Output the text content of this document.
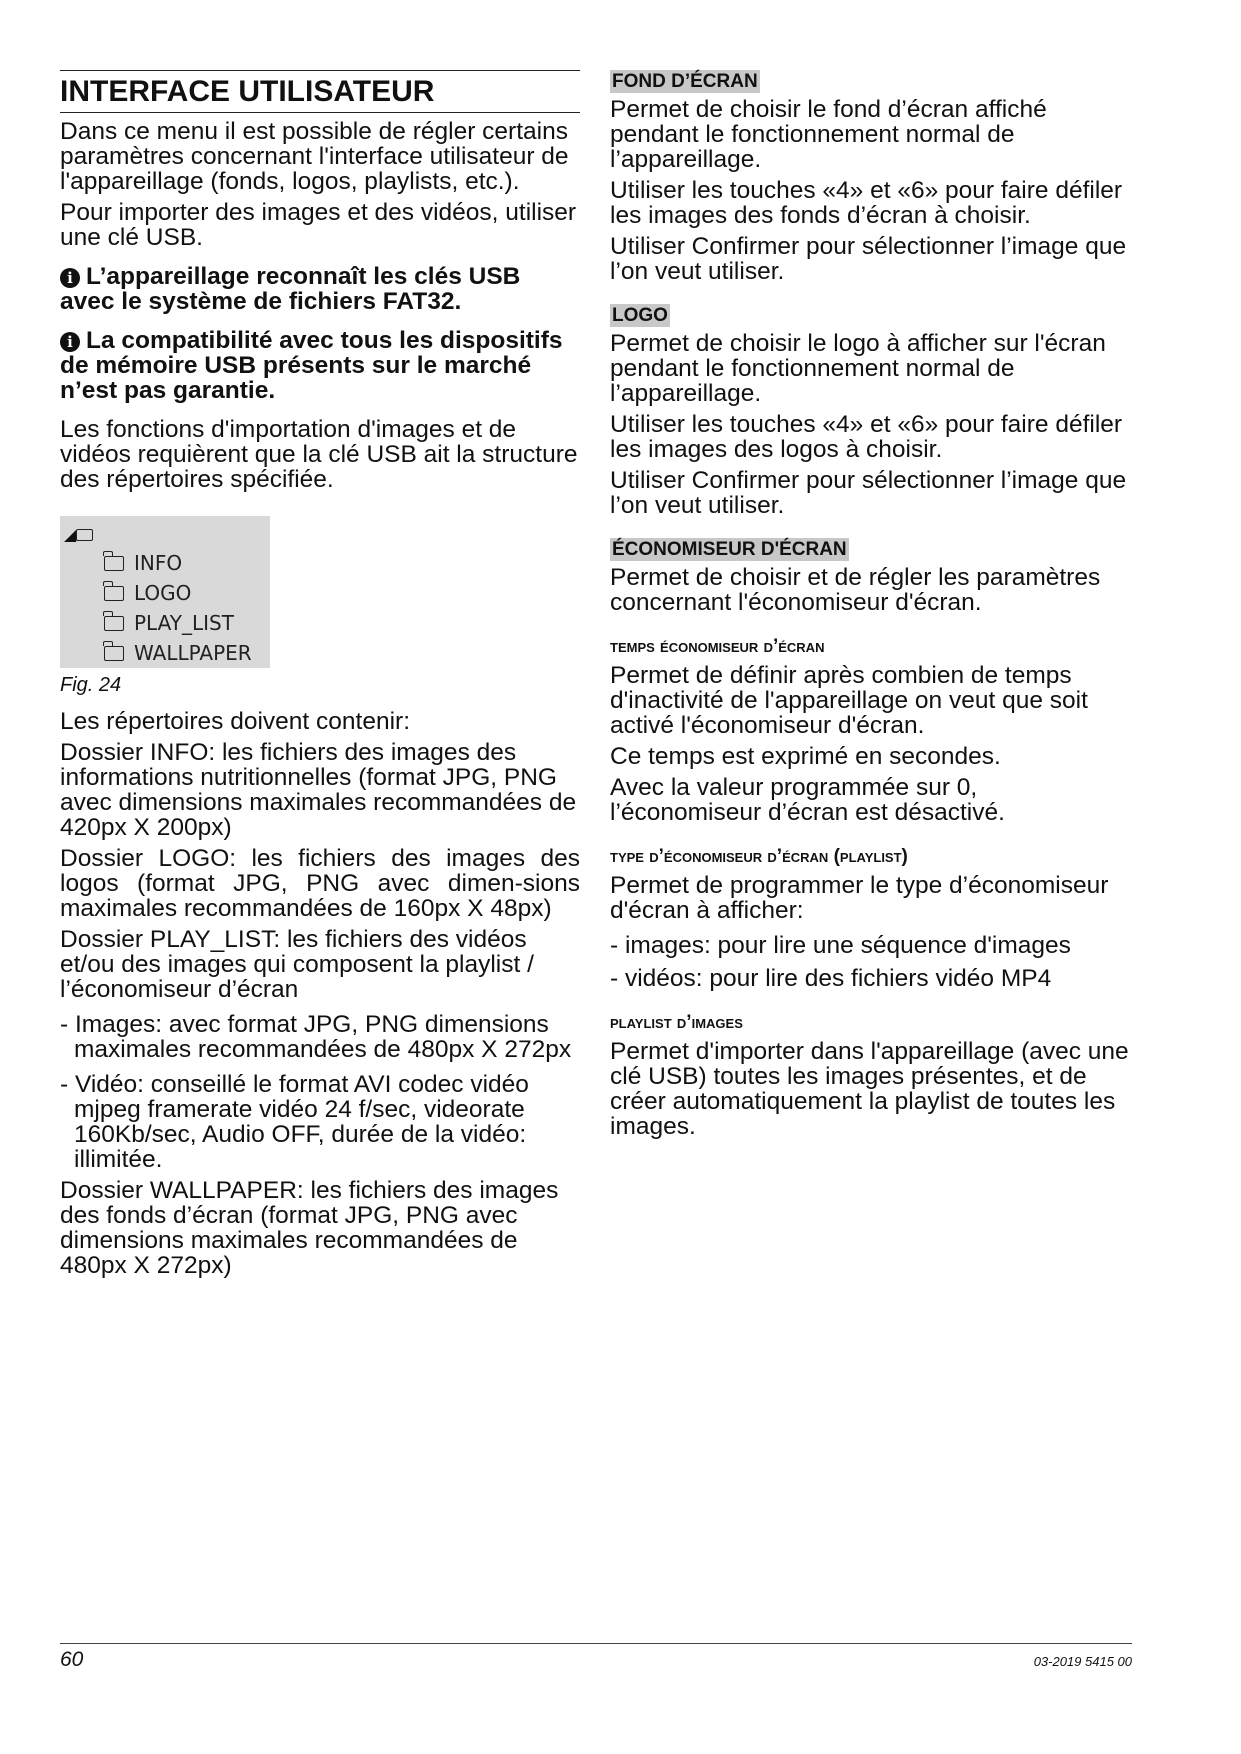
INTERFACE UTILISATEUR

Dans ce menu il est possible de régler certains paramètres concernant l'interface utilisateur de l'appareillage (fonds, logos, playlists, etc.).

Pour importer des images et des vidéos, utiliser une clé USB.

i L’appareillage reconnaît les clés USB avec le système de fichiers FAT32.

i La compatibilité avec tous les dispositifs de mémoire USB présents sur le marché n’est pas garantie.

Les fonctions d'importation d'images et de vidéos requièrent que la clé USB ait la structure des répertoires spécifiée.

◢
INFO
LOGO
PLAY_LIST
WALLPAPER
Fig. 24

Les répertoires doivent contenir:

Dossier INFO: les fichiers des images des informations nutritionnelles (format JPG, PNG avec dimensions maximales recommandées de 420px X 200px)

Dossier LOGO: les fichiers des images des logos (format JPG, PNG avec dimen-sions maximales recommandées de 160px X 48px)

Dossier PLAY_LIST: les fichiers des vidéos et/ou des images qui composent la playlist / l’économiseur d’écran

- Images: avec format JPG, PNG dimensions maximales recommandées de 480px X 272px

- Vidéo: conseillé le format AVI codec vidéo mjpeg framerate vidéo 24 f/sec, videorate 160Kb/sec, Audio OFF, durée de la vidéo: illimitée.

Dossier WALLPAPER: les fichiers des images des fonds d’écran (format JPG, PNG avec dimensions maximales recommandées de 480px X 272px)

FOND D’ÉCRAN

Permet de choisir le fond d’écran affiché pendant le fonctionnement normal de l’appareillage.

Utiliser les touches «4» et «6» pour faire défiler les images des fonds d’écran à choisir.

Utiliser Confirmer pour sélectionner l’image que l’on veut utiliser.

LOGO

Permet de choisir le logo à afficher sur l'écran pendant le fonctionnement normal de l’appareillage.

Utiliser les touches «4» et «6» pour faire défiler les images des logos à choisir.

Utiliser Confirmer pour sélectionner l’image que l’on veut utiliser.

ÉCONOMISEUR D'ÉCRAN

Permet de choisir et de régler les paramètres concernant l'économiseur d'écran.

temps économiseur d’écran

Permet de définir après combien de temps d'inactivité de l'appareillage on veut que soit activé l'économiseur d'écran.

Ce temps est exprimé en secondes.

Avec la valeur programmée sur 0, l’économiseur d’écran est désactivé.

type d’économiseur d’écran (playlist)

Permet de programmer le type d’économiseur d'écran à afficher:

- images: pour lire une séquence d'images

- vidéos: pour lire des fichiers vidéo MP4

playlist d’images

Permet d'importer dans l'appareillage (avec une clé USB) toutes les images présentes, et de créer automatiquement la playlist de toutes les images.

60	03-2019 5415 00
